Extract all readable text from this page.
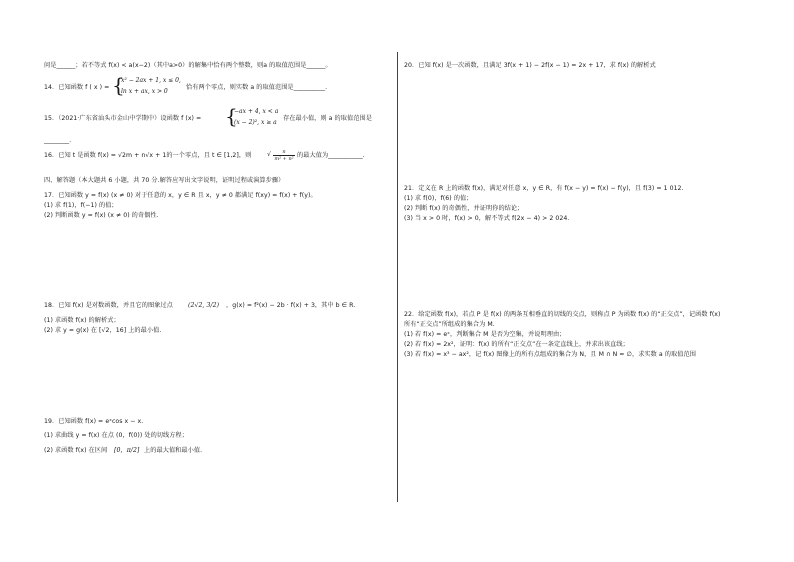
问是______；若不等式 f(x) < a(x−2)（其中a>0）的解集中恰有两个整数，则a 的取值范围是______。
14．已知函数 f ( x ) = {
x² − 2ax + 1, x ≤ 0,
ln x + ax, x > 0
恰有两个零点，则实数 a 的取值范围是__________.
15．（2021·广东省汕头市金山中学期中）设函数 f (x) = {
−ax + 4, x < a
(x − 2)², x ≥ a
存在最小值，则 a 的取值范围是
________.
16．已知 t 是函数 f(x) = √2m + n√x + 1的一个零点，且 t ∈ [1,2]，则	√ $\frac{n}{\text{m² + n²}}$ 的最大值为___________.
四、解答题（本大题共 6 小题，共 70 分.解答应写出文字说明，证明过程或演算步骤）
17．已知函数 y = f(x) (x ≠ 0) 对于任意的 x，y ∈ R 且 x，y ≠ 0 都满足 f(xy) = f(x) + f(y)。
(1) 求 f(1)，f(−1) 的值；
(2) 判断函数 y = f(x) (x ≠ 0) 的奇偶性.
18．已知 f(x) 是对数函数，并且它的图象过点 (2√2, 3/2) ，g(x) = f²(x) − 2b · f(x) + 3，其中 b ∈ R.
(1) 求函数 f(x) 的解析式；
(2) 求 y = g(x) 在 [√2，16] 上的最小值.
19．已知函数 f(x) = eˣcos x − x.
(1) 求曲线 y = f(x) 在点 (0，f(0)) 处的切线方程；
(2) 求函数 f(x) 在区间 [0，π/2] 上的最大值和最小值.
20．已知 f(x) 是一次函数，且满足 3f(x + 1) − 2f(x − 1) = 2x + 17，求 f(x) 的解析式
21．定义在 R 上的函数 f(x)，满足对任意 x，y ∈ R，有 f(x − y) = f(x) − f(y)，且 f(3) = 1 012.
(1) 求 f(0)，f(6) 的值；
(2) 判断 f(x) 的奇偶性，并证明你的结论；
(3) 当 x > 0 时，f(x) > 0，解不等式 f(2x − 4) > 2 024.
22．给定函数 f(x)，若点 P 是 f(x) 的两条互相垂直的切线的交点，则称点 P 为函数 f(x) 的“正交点”，记函数 f(x)
所有“正交点”所组成的集合为 M.
(1) 若 f(x) = eˣ，判断集合 M 是否为空集，并说明理由；
(2) 若 f(x) = 2x²，证明：f(x) 的所有“正交点”在一条定直线上，并求出该直线；
(3) 若 f(x) = x³ − ax²，记 f(x) 图像上的所有点组成的集合为 N，且 M ∩ N = ∅，求实数 a 的取值范围
